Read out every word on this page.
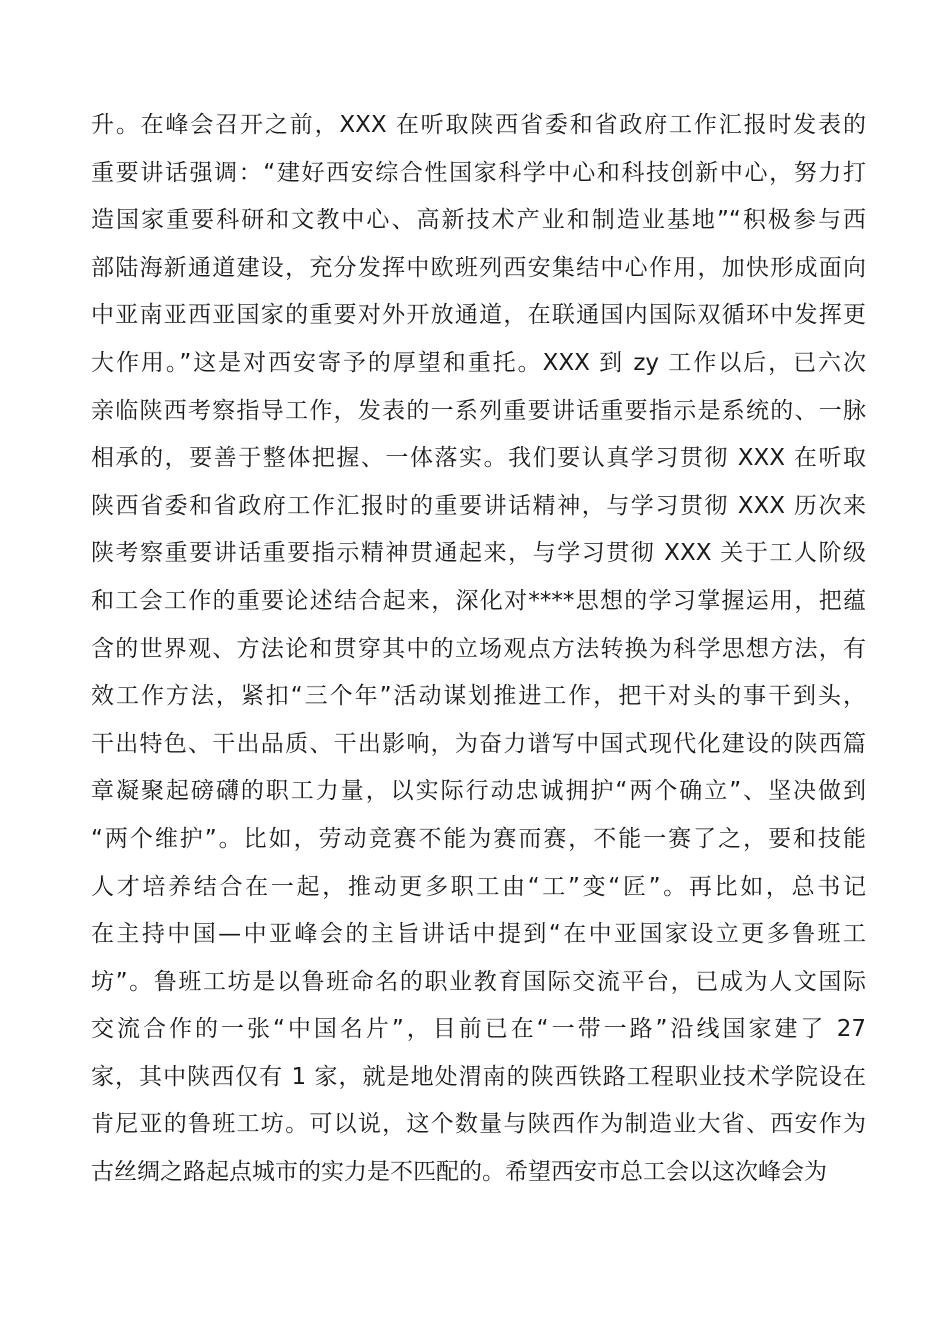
升。在峰会召开之前，XXX 在听取陕西省委和省政府工作汇报时发表的
重要讲话强调：“建好西安综合性国家科学中心和科技创新中心，努力打
造国家重要科研和文教中心、高新技术产业和制造业基地”“积极参与西
部陆海新通道建设，充分发挥中欧班列西安集结中心作用，加快形成面向
中亚南亚西亚国家的重要对外开放通道，在联通国内国际双循环中发挥更
大作用。”这是对西安寄予的厚望和重托。XXX 到 zy 工作以后，已六次
亲临陕西考察指导工作，发表的一系列重要讲话重要指示是系统的、一脉
相承的，要善于整体把握、一体落实。我们要认真学习贯彻 XXX 在听取
陕西省委和省政府工作汇报时的重要讲话精神，与学习贯彻 XXX 历次来
陕考察重要讲话重要指示精神贯通起来，与学习贯彻 XXX 关于工人阶级
和工会工作的重要论述结合起来，深化对****思想的学习掌握运用，把蕴
含的世界观、方法论和贯穿其中的立场观点方法转换为科学思想方法，有
效工作方法，紧扣“三个年”活动谋划推进工作，把干对头的事干到头，
干出特色、干出品质、干出影响，为奋力谱写中国式现代化建设的陕西篇
章凝聚起磅礴的职工力量，以实际行动忠诚拥护“两个确立”、坚决做到
“两个维护”。比如，劳动竞赛不能为赛而赛，不能一赛了之，要和技能
人才培养结合在一起，推动更多职工由“工”变“匠”。再比如，总书记
在主持中国—中亚峰会的主旨讲话中提到“在中亚国家设立更多鲁班工
坊”。鲁班工坊是以鲁班命名的职业教育国际交流平台，已成为人文国际
交流合作的一张“中国名片”，目前已在“一带一路”沿线国家建了 27
家，其中陕西仅有 1 家，就是地处渭南的陕西铁路工程职业技术学院设在
肯尼亚的鲁班工坊。可以说，这个数量与陕西作为制造业大省、西安作为
古丝绸之路起点城市的实力是不匹配的。希望西安市总工会以这次峰会为
